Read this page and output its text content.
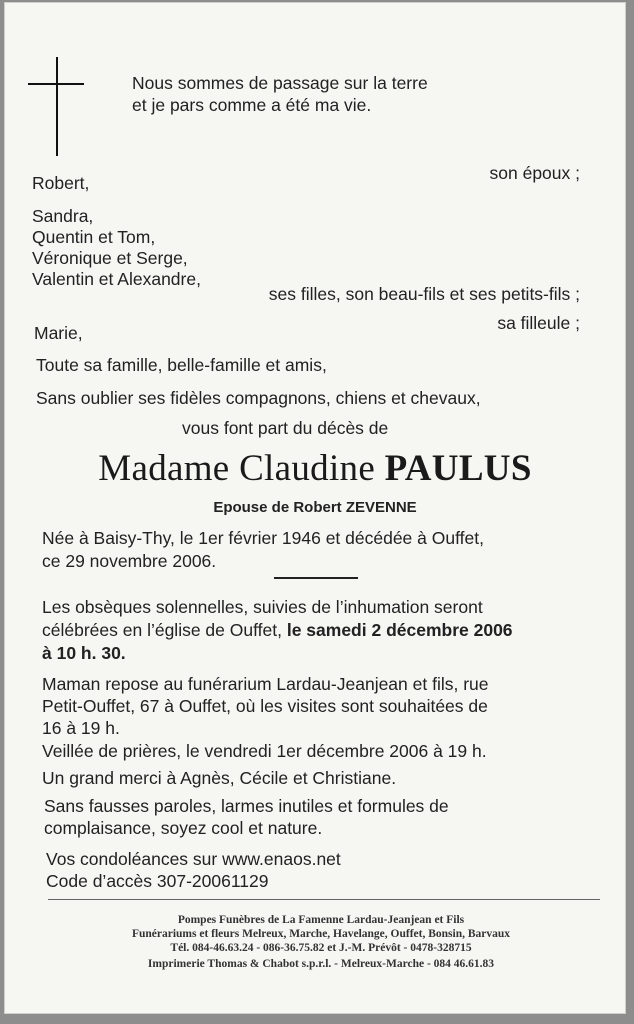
Nous sommes de passage sur la terre
et je pars comme a été ma vie.
Robert,	son époux ;
Sandra,
Quentin et Tom,
Véronique et Serge,
Valentin et Alexandre,
ses filles, son beau-fils et ses petits-fils ;
Marie,	sa filleule ;
Toute sa famille, belle-famille et amis,
Sans oublier ses fidèles compagnons, chiens et chevaux,
vous font part du décès de
Madame Claudine PAULUS
Epouse de Robert ZEVENNE
Née à Baisy-Thy, le 1er février 1946 et décédée à Ouffet,
ce 29 novembre 2006.
Les obsèques solennelles, suivies de l’inhumation seront
célébrées en l’église de Ouffet, le samedi 2 décembre 2006
à 10 h. 30.
Maman repose au funérarium Lardau-Jeanjean et fils, rue
Petit-Ouffet, 67 à Ouffet, où les visites sont souhaitées de
16 à 19 h.
Veillée de prières, le vendredi 1er décembre 2006 à 19 h.
Un grand merci à Agnès, Cécile et Christiane.
Sans fausses paroles, larmes inutiles et formules de
complaisance, soyez cool et nature.
Vos condoléances sur www.enaos.net
Code d’accès 307-20061129
Pompes Funèbres de La Famenne Lardau-Jeanjean et Fils
Funérariums et fleurs Melreux, Marche, Havelange, Ouffet, Bonsin, Barvaux
Tél. 084-46.63.24 - 086-36.75.82 et J.-M. Prévôt - 0478-328715
Imprimerie Thomas & Chabot s.p.r.l. - Melreux-Marche - 084 46.61.83
